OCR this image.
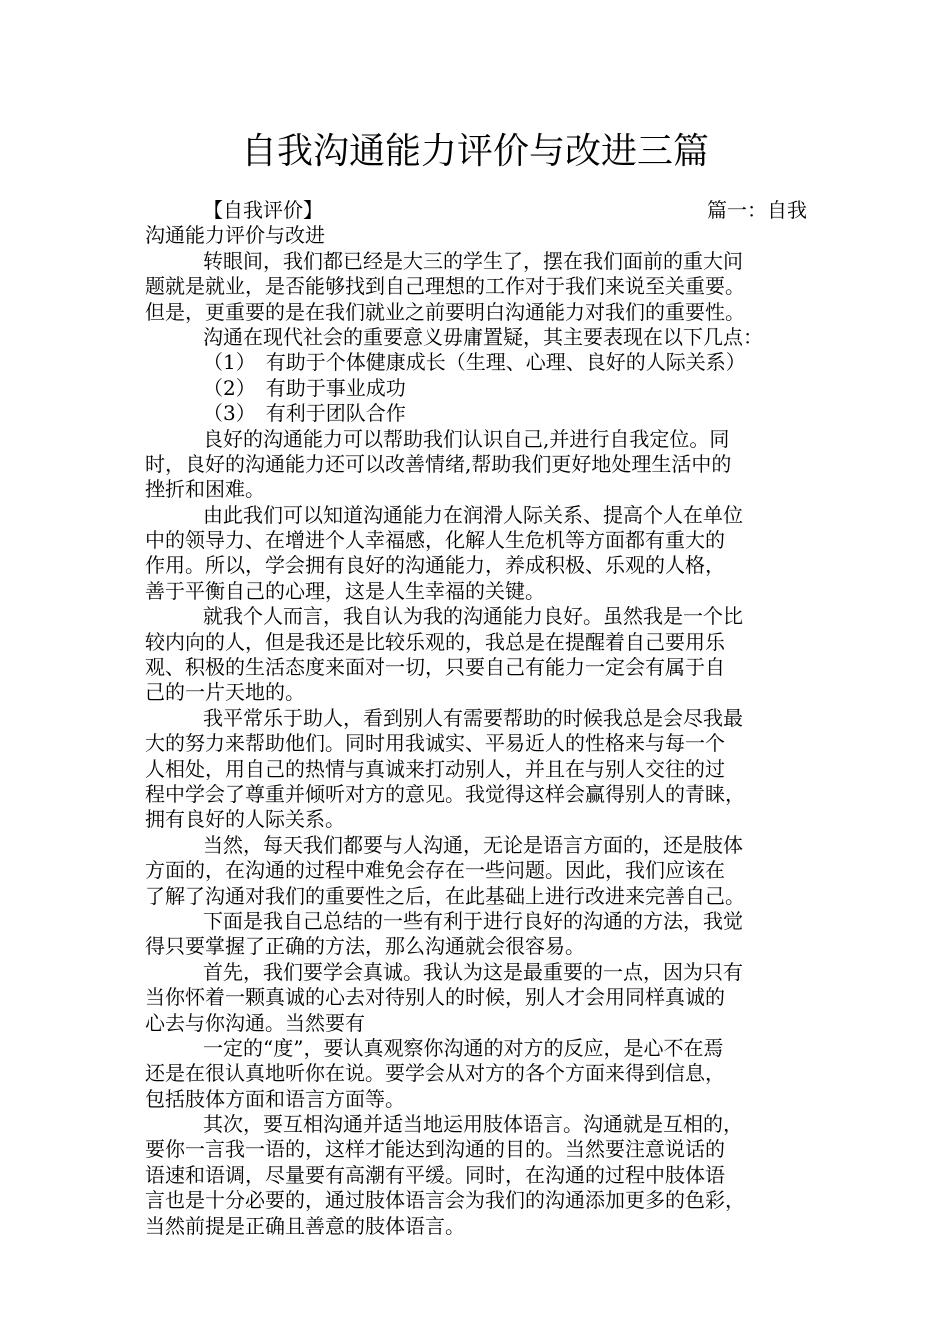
自我沟通能力评价与改进三篇
【自我评价】	篇一：自我
沟通能力评价与改进
转眼间，我们都已经是大三的学生了，摆在我们面前的重大问
题就是就业，是否能够找到自己理想的工作对于我们来说至关重要。
但是，更重要的是在我们就业之前要明白沟通能力对我们的重要性。
沟通在现代社会的重要意义毋庸置疑，其主要表现在以下几点：
（1）　有助于个体健康成长（生理、心理、良好的人际关系）
（2）　有助于事业成功
（3）　有利于团队合作
良好的沟通能力可以帮助我们认识自己,并进行自我定位。同
时，良好的沟通能力还可以改善情绪,帮助我们更好地处理生活中的
挫折和困难。
由此我们可以知道沟通能力在润滑人际关系、提高个人在单位
中的领导力、在增进个人幸福感，化解人生危机等方面都有重大的
作用。所以，学会拥有良好的沟通能力，养成积极、乐观的人格，
善于平衡自己的心理，这是人生幸福的关键。
就我个人而言，我自认为我的沟通能力良好。虽然我是一个比
较内向的人，但是我还是比较乐观的，我总是在提醒着自己要用乐
观、积极的生活态度来面对一切，只要自己有能力一定会有属于自
己的一片天地的。
我平常乐于助人，看到别人有需要帮助的时候我总是会尽我最
大的努力来帮助他们。同时用我诚实、平易近人的性格来与每一个
人相处，用自己的热情与真诚来打动别人，并且在与别人交往的过
程中学会了尊重并倾听对方的意见。我觉得这样会赢得别人的青睐，
拥有良好的人际关系。
当然，每天我们都要与人沟通，无论是语言方面的，还是肢体
方面的，在沟通的过程中难免会存在一些问题。因此，我们应该在
了解了沟通对我们的重要性之后，在此基础上进行改进来完善自己。
下面是我自己总结的一些有利于进行良好的沟通的方法，我觉
得只要掌握了正确的方法，那么沟通就会很容易。
首先，我们要学会真诚。我认为这是最重要的一点，因为只有
当你怀着一颗真诚的心去对待别人的时候，别人才会用同样真诚的
心去与你沟通。当然要有
一定的“度”，要认真观察你沟通的对方的反应，是心不在焉
还是在很认真地听你在说。要学会从对方的各个方面来得到信息，
包括肢体方面和语言方面等。
其次，要互相沟通并适当地运用肢体语言。沟通就是互相的，
要你一言我一语的，这样才能达到沟通的目的。当然要注意说话的
语速和语调，尽量要有高潮有平缓。同时，在沟通的过程中肢体语
言也是十分必要的，通过肢体语言会为我们的沟通添加更多的色彩，
当然前提是正确且善意的肢体语言。
